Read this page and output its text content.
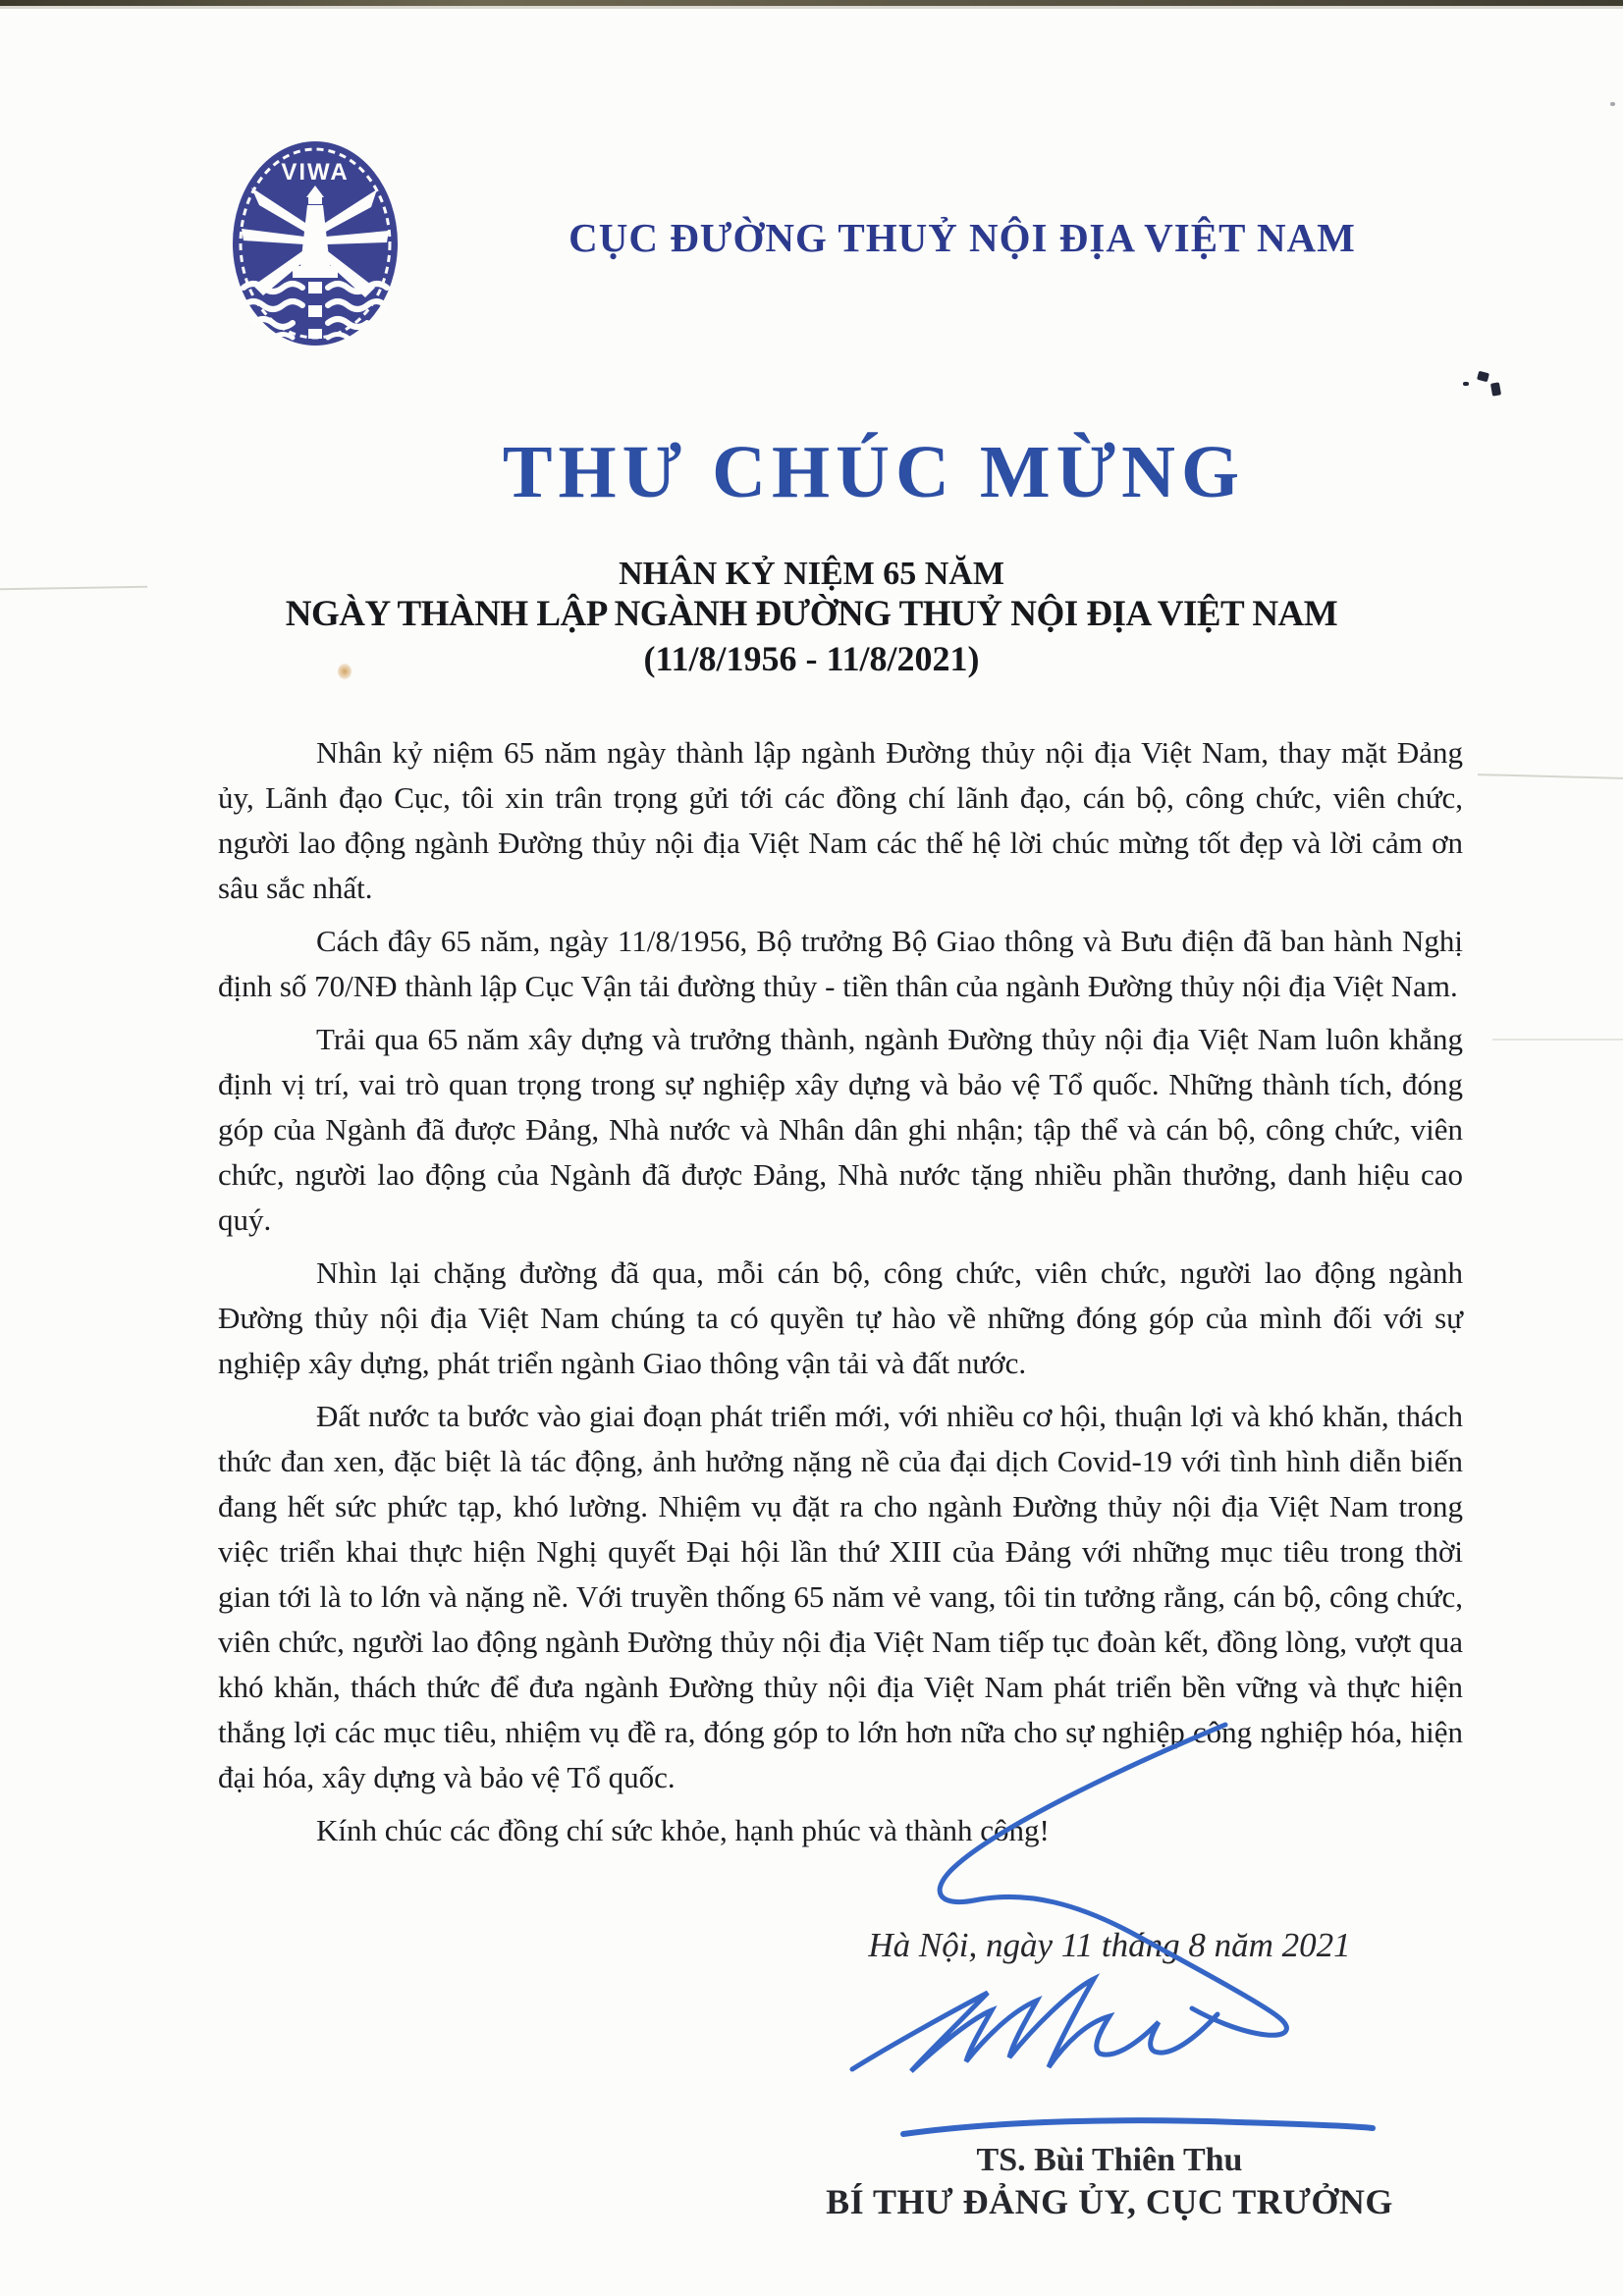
VIWA
CỤC ĐƯỜNG THUỶ NỘI ĐỊA VIỆT NAM
THƯ CHÚC MỪNG
NHÂN KỶ NIỆM 65 NĂM
NGÀY THÀNH LẬP NGÀNH ĐƯỜNG THUỶ NỘI ĐỊA VIỆT NAM
(11/8/1956 - 11/8/2021)

Nhân kỷ niệm 65 năm ngày thành lập ngành Đường thủy nội địa Việt Nam, thay mặt Đảng ủy, Lãnh đạo Cục, tôi xin trân trọng gửi tới các đồng chí lãnh đạo, cán bộ, công chức, viên chức, người lao động ngành Đường thủy nội địa Việt Nam các thế hệ lời chúc mừng tốt đẹp và lời cảm ơn sâu sắc nhất.

Cách đây 65 năm, ngày 11/8/1956, Bộ trưởng Bộ Giao thông và Bưu điện đã ban hành Nghị định số 70/NĐ thành lập Cục Vận tải đường thủy - tiền thân của ngành Đường thủy nội địa Việt Nam.

Trải qua 65 năm xây dựng và trưởng thành, ngành Đường thủy nội địa Việt Nam luôn khẳng định vị trí, vai trò quan trọng trong sự nghiệp xây dựng và bảo vệ Tổ quốc. Những thành tích, đóng góp của Ngành đã được Đảng, Nhà nước và Nhân dân ghi nhận; tập thể và cán bộ, công chức, viên chức, người lao động của Ngành đã được Đảng, Nhà nước tặng nhiều phần thưởng, danh hiệu cao quý.

Nhìn lại chặng đường đã qua, mỗi cán bộ, công chức, viên chức, người lao động ngành Đường thủy nội địa Việt Nam chúng ta có quyền tự hào về những đóng góp của mình đối với sự nghiệp xây dựng, phát triển ngành Giao thông vận tải và đất nước.

Đất nước ta bước vào giai đoạn phát triển mới, với nhiều cơ hội, thuận lợi và khó khăn, thách thức đan xen, đặc biệt là tác động, ảnh hưởng nặng nề của đại dịch Covid-19 với tình hình diễn biến đang hết sức phức tạp, khó lường. Nhiệm vụ đặt ra cho ngành Đường thủy nội địa Việt Nam trong việc triển khai thực hiện Nghị quyết Đại hội lần thứ XIII của Đảng với những mục tiêu trong thời gian tới là to lớn và nặng nề. Với truyền thống 65 năm vẻ vang, tôi tin tưởng rằng, cán bộ, công chức, viên chức, người lao động ngành Đường thủy nội địa Việt Nam tiếp tục đoàn kết, đồng lòng, vượt qua khó khăn, thách thức để đưa ngành Đường thủy nội địa Việt Nam phát triển bền vững và thực hiện thắng lợi các mục tiêu, nhiệm vụ đề ra, đóng góp to lớn hơn nữa cho sự nghiệp công nghiệp hóa, hiện đại hóa, xây dựng và bảo vệ Tổ quốc.

Kính chúc các đồng chí sức khỏe, hạnh phúc và thành công!

Hà Nội, ngày 11 tháng 8 năm 2021
TS. Bùi Thiên Thu
BÍ THƯ ĐẢNG ỦY, CỤC TRƯỞNG
